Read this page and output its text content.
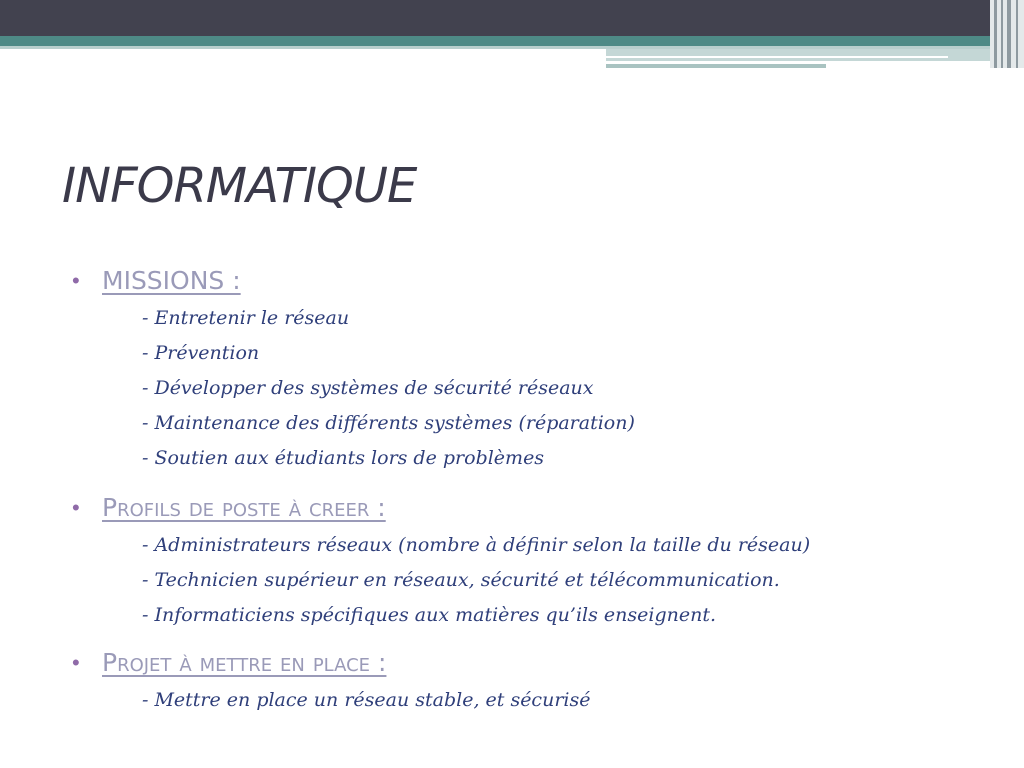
INFORMATIQUE
• MISSIONS :
- Entretenir le réseau
- Prévention
- Développer des systèmes de sécurité réseaux
- Maintenance des différents systèmes (réparation)
- Soutien aux étudiants lors de problèmes
• Profils de poste à creer :
- Administrateurs réseaux (nombre à définir selon la taille du réseau)
- Technicien supérieur en réseaux, sécurité et télécommunication.
- Informaticiens spécifiques aux matières qu’ils enseignent.
• Projet à mettre en place :
- Mettre en place un réseau stable, et sécurisé
